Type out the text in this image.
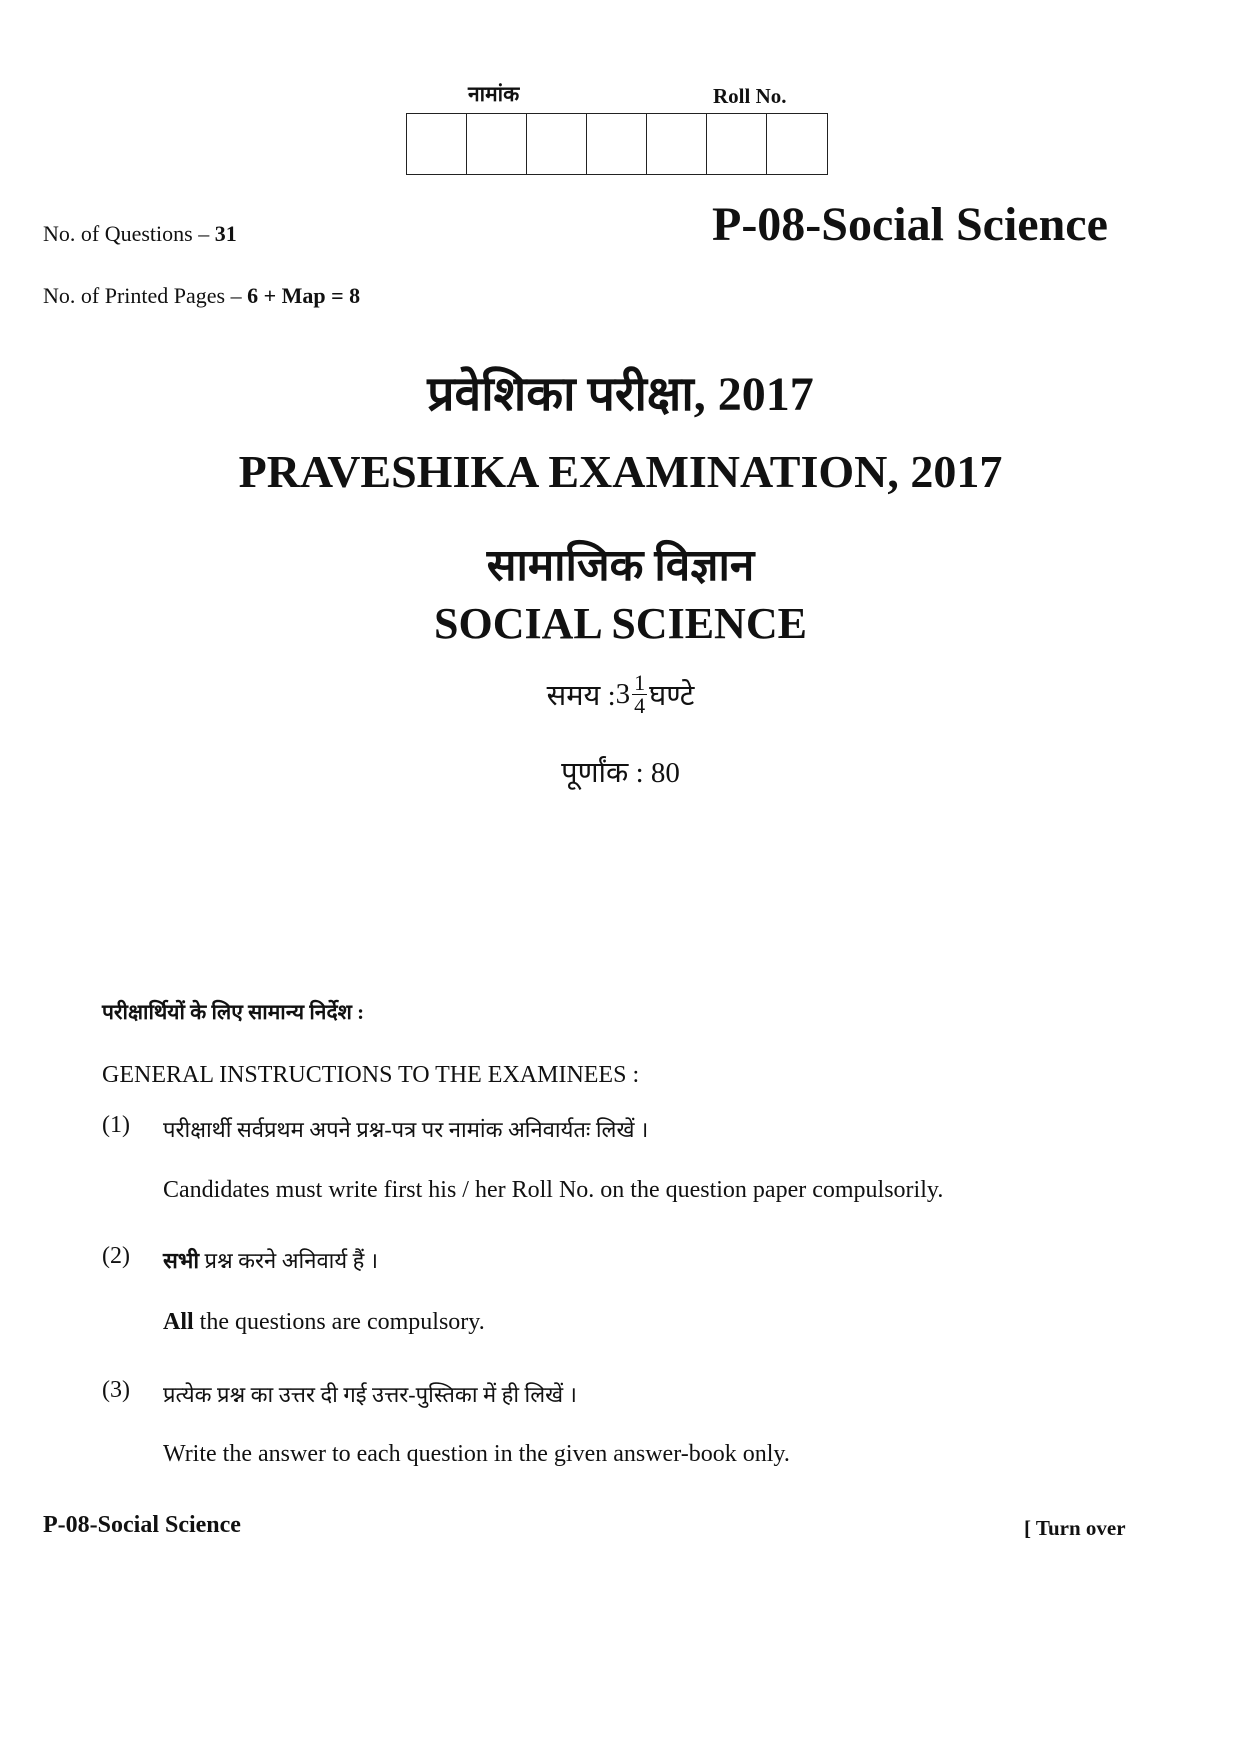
नामांक	Roll No.
No. of Questions – 31	P-08-Social Science
No. of Printed Pages – 6 + Map = 8
प्रवेशिका परीक्षा, 2017
PRAVESHIKA EXAMINATION, 2017
सामाजिक विज्ञान
SOCIAL SCIENCE
समय : $3 \frac{1}{4}$ घण्टे
पूर्णांक : 80
परीक्षार्थियों के लिए सामान्य निर्देश :
GENERAL INSTRUCTIONS TO THE EXAMINEES :
(1) परीक्षार्थी सर्वप्रथम अपने प्रश्न-पत्र पर नामांक अनिवार्यतः लिखें ।
Candidates must write first his / her Roll No. on the question paper compulsorily.
(2) सभी प्रश्न करने अनिवार्य हैं ।
All the questions are compulsory.
(3) प्रत्येक प्रश्न का उत्तर दी गई उत्तर-पुस्तिका में ही लिखें ।
Write the answer to each question in the given answer-book only.
P-08-Social Science	[ Turn over
